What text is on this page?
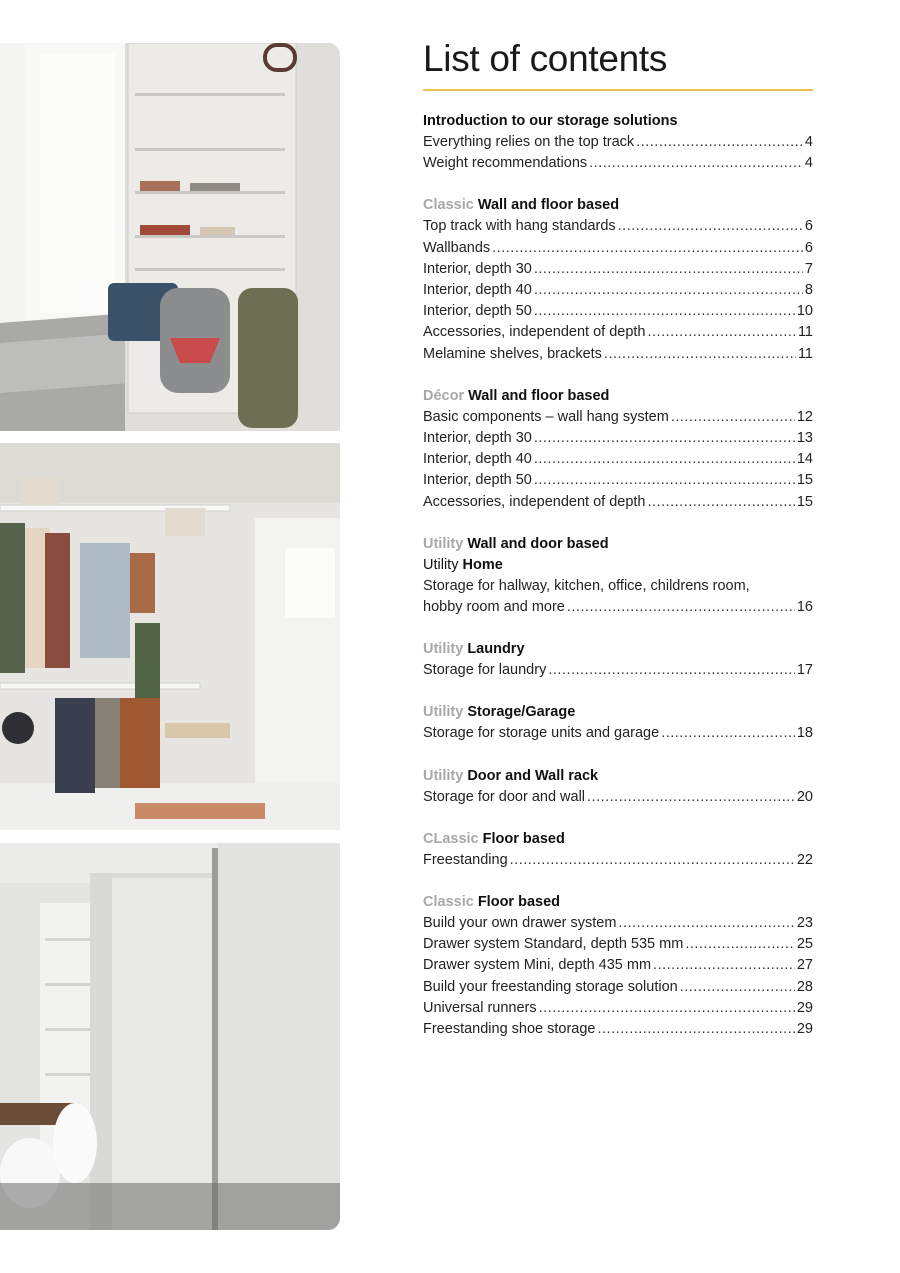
List of contents
Introduction to our storage solutions
Everything relies on the top track .....	4
Weight recommendations .....	4
Classic Wall and floor based
Top track with hang standards .....	6
Wallbands .....	6
Interior, depth 30 .....	7
Interior, depth 40 .....	8
Interior, depth 50 .....	10
Accessories, independent of depth .....	11
Melamine shelves, brackets .....	11
Décor Wall and floor based
Basic components – wall hang system .....	12
Interior, depth 30 .....	13
Interior, depth 40 .....	14
Interior, depth 50 .....	15
Accessories, independent of depth .....	15
Utility Wall and door based
Utility Home
Storage for hallway, kitchen, office, childrens room,
hobby room and more .....	16
Utility Laundry
Storage for laundry .....	17
Utility Storage/Garage
Storage for storage units and garage .....	18
Utility Door and Wall rack
Storage for door and wall .....	20
CLassic Floor based
Freestanding .....	22
Classic Floor based
Build your own drawer system .....	23
Drawer system Standard, depth 535 mm .....	25
Drawer system Mini, depth 435 mm .....	27
Build your freestanding storage solution .....	28
Universal runners .....	29
Freestanding shoe storage .....	29
